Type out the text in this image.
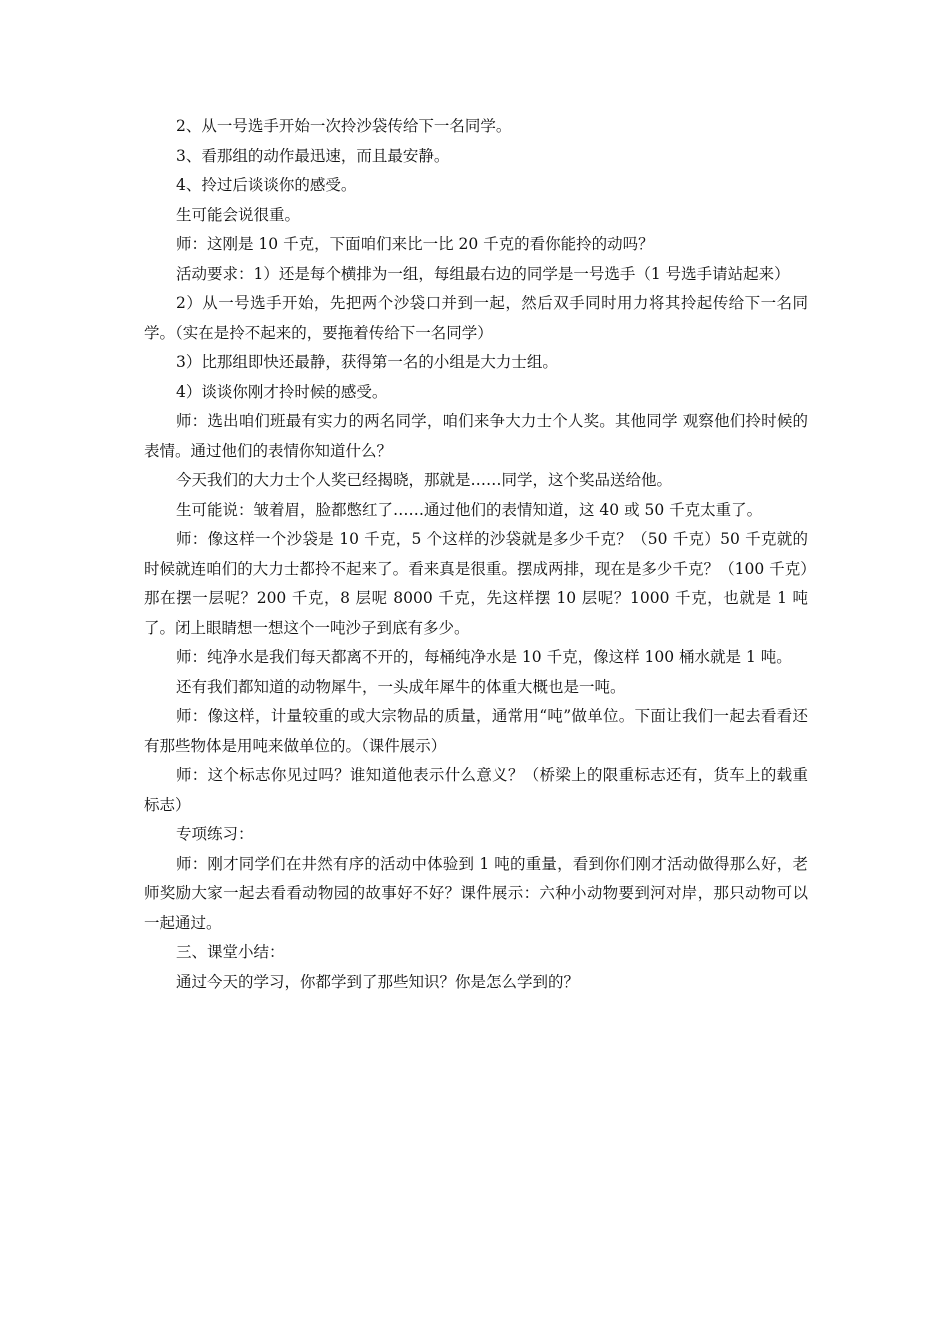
2、从一号选手开始一次拎沙袋传给下一名同学。

3、看那组的动作最迅速，而且最安静。

4、拎过后谈谈你的感受。

生可能会说很重。

师：这刚是 10 千克，下面咱们来比一比 20 千克的看你能拎的动吗？

活动要求：1）还是每个横排为一组，每组最右边的同学是一号选手（1 号选手请站起来）

2）从一号选手开始，先把两个沙袋口并到一起，然后双手同时用力将其拎起传给下一名同学。（实在是拎不起来的，要拖着传给下一名同学）

3）比那组即快还最静，获得第一名的小组是大力士组。

4）谈谈你刚才拎时候的感受。

师：选出咱们班最有实力的两名同学，咱们来争大力士个人奖。其他同学 观察他们拎时候的表情。通过他们的表情你知道什么？

今天我们的大力士个人奖已经揭晓，那就是……同学，这个奖品送给他。

生可能说：皱着眉，脸都憋红了……通过他们的表情知道，这 40 或 50 千克太重了。

师：像这样一个沙袋是 10 千克，5 个这样的沙袋就是多少千克？（50 千克）50 千克就的时候就连咱们的大力士都拎不起来了。看来真是很重。摆成两排，现在是多少千克？（100 千克）那在摆一层呢？200 千克，8 层呢 8000 千克，先这样摆 10 层呢？1000 千克，也就是 1 吨了。闭上眼睛想一想这个一吨沙子到底有多少。

师：纯净水是我们每天都离不开的，每桶纯净水是 10 千克，像这样 100 桶水就是 1 吨。

还有我们都知道的动物犀牛，一头成年犀牛的体重大概也是一吨。

师：像这样，计量较重的或大宗物品的质量，通常用“吨”做单位。下面让我们一起去看看还有那些物体是用吨来做单位的。（课件展示）

师：这个标志你见过吗？谁知道他表示什么意义？（桥梁上的限重标志还有，货车上的载重标志）

专项练习：

师：刚才同学们在井然有序的活动中体验到 1 吨的重量，看到你们刚才活动做得那么好，老师奖励大家一起去看看动物园的故事好不好？课件展示：六种小动物要到河对岸，那只动物可以一起通过。

三、课堂小结：

通过今天的学习，你都学到了那些知识？你是怎么学到的？
